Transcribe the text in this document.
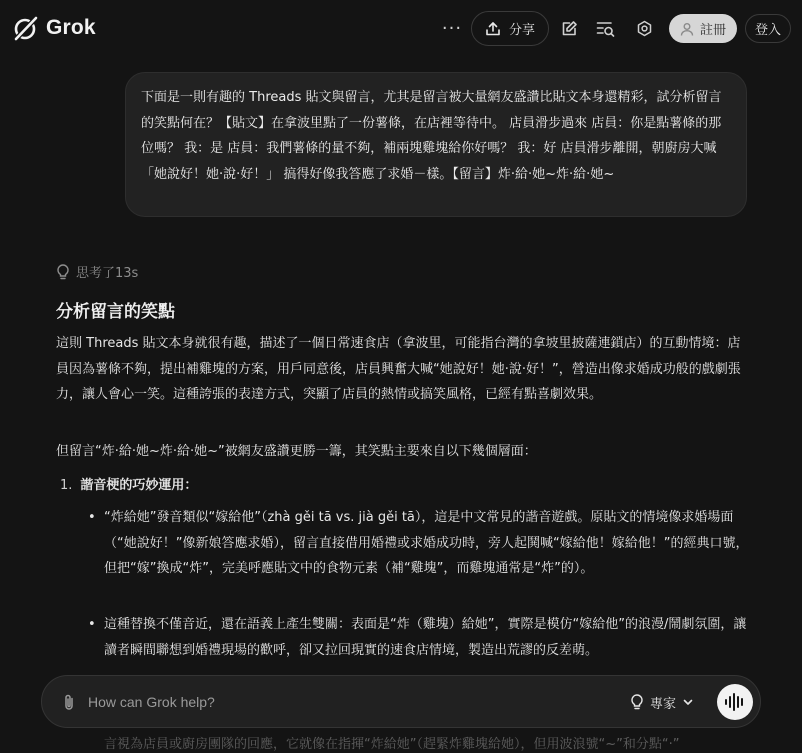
Grok	···	分享	註冊	登入
下面是一則有趣的 Threads 貼文與留言，尤其是留言被大量網友盛讚比貼文本身還精彩，試分析留言的笑點何在？【貼文】在拿波里點了一份薯條，在店裡等待中。 店員滑步過來 店員：你是點薯條的那位嗎？ 我：是 店員：我們薯條的量不夠，補兩塊雞塊給你好嗎？ 我：好 店員滑步離開，朝廚房大喊「她說好！她·說·好！」 搞得好像我答應了求婚－樣。【留言】炸·給·她~炸·給·她~
思考了13s
分析留言的笑點
這則 Threads 貼文本身就很有趣，描述了一個日常速食店（拿波里，可能指台灣的拿坡里披薩連鎖店）的互動情境：店員因為薯條不夠，提出補雞塊的方案，用戶同意後，店員興奮大喊“她說好！她·說·好！”，營造出像求婚成功般的戲劇張力，讓人會心一笑。這種誇張的表達方式，突顯了店員的熱情或搞笑風格，已經有點喜劇效果。
但留言“炸·給·她~炸·給·她~”被網友盛讚更勝一籌，其笑點主要來自以下幾個層面：
1. 諧音梗的巧妙運用：
• “炸給她”發音類似“嫁給他”（zhà gěi tā vs. jià gěi tā），這是中文常見的諧音遊戲。原貼文的情境像求婚場面（“她說好！”像新娘答應求婚），留言直接借用婚禮或求婚成功時，旁人起鬨喊“嫁給他！嫁給他！”的經典口號，但把“嫁”換成“炸”，完美呼應貼文中的食物元素（補“雞塊”，而雞塊通常是“炸”的）。
• 這種替換不僅音近，還在語義上產生雙關：表面是“炸（雞塊）給她”，實際是模仿“嫁給他”的浪漫/鬧劇氛圍，讓讀者瞬間聯想到婚禮現場的歡呼，卻又拉回現實的速食店情境，製造出荒謬的反差萌。
言視為店員或廚房團隊的回應，它就像在指揮“炸給她”（趕緊炸雞塊給她），但用波浪號“~”和分點“·”
How can Grok help?
專家
